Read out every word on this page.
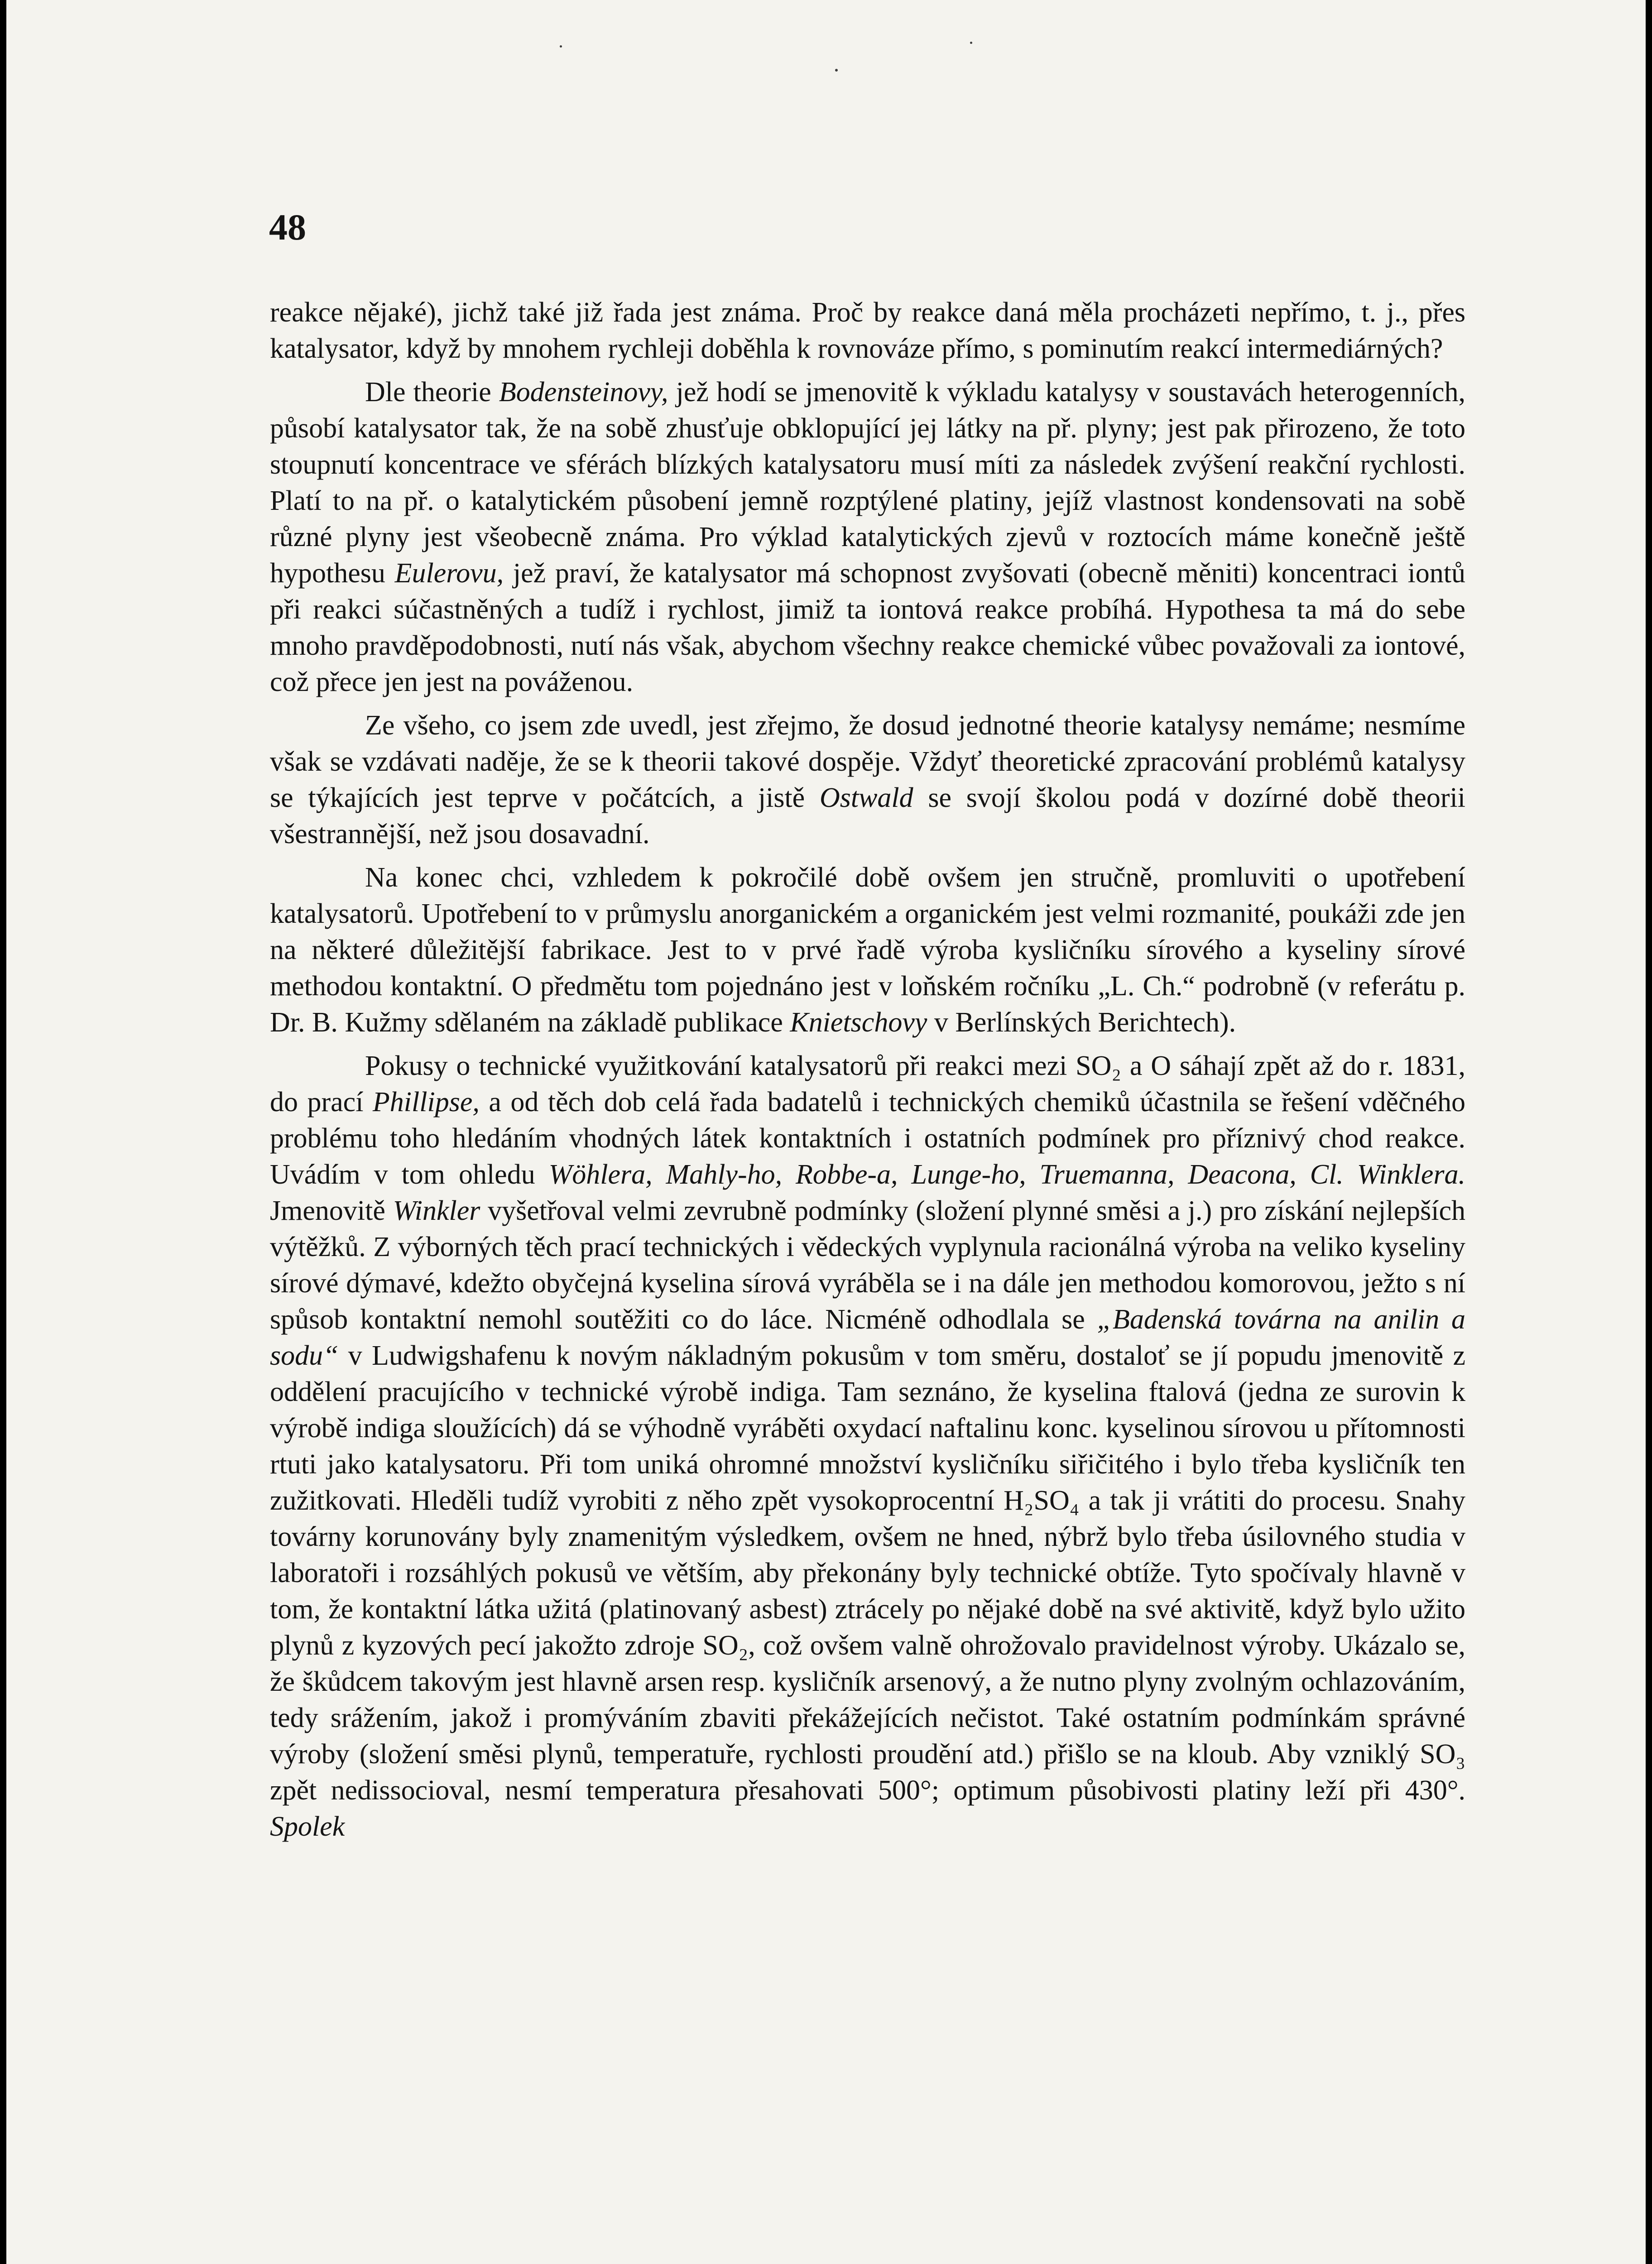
48

reakce nějaké), jichž také již řada jest známa. Proč by reakce daná měla procházeti nepřímo, t. j., přes katalysator, když by mnohem rychleji doběhla k rovnováze přímo, s pominutím reakcí intermediárných?

Dle theorie Bodensteinovy, jež hodí se jmenovitě k výkladu katalysy v soustavách heterogenních, působí katalysator tak, že na sobě zhusťuje obklopující jej látky na př. plyny; jest pak přirozeno, že toto stoupnutí koncentrace ve sférách blízkých katalysatoru musí míti za následek zvýšení reakční rychlosti. Platí to na př. o katalytickém působení jemně rozptýlené platiny, jejíž vlastnost kondensovati na sobě různé plyny jest všeobecně známa. Pro výklad katalytických zjevů v roztocích máme konečně ještě hypothesu Eulerovu, jež praví, že katalysator má schopnost zvyšovati (obecně měniti) koncentraci iontů při reakci súčastněných a tudíž i rychlost, jimiž ta iontová reakce probíhá. Hypothesa ta má do sebe mnoho pravděpodobnosti, nutí nás však, abychom všechny reakce chemické vůbec považovali za iontové, což přece jen jest na pováženou.

Ze všeho, co jsem zde uvedl, jest zřejmo, že dosud jednotné theorie katalysy nemáme; nesmíme však se vzdávati naděje, že se k theorii takové dospěje. Vždyť theoretické zpracování problémů katalysy se týkajících jest teprve v počátcích, a jistě Ostwald se svojí školou podá v dozírné době theorii všestrannější, než jsou dosavadní.

Na konec chci, vzhledem k pokročilé době ovšem jen stručně, promluviti o upotřebení katalysatorů. Upotřebení to v průmyslu anorganickém a organickém jest velmi rozmanité, poukáži zde jen na některé důležitější fabrikace. Jest to v prvé řadě výroba kysličníku sírového a kyseliny sírové methodou kontaktní. O předmětu tom pojednáno jest v loňském ročníku „L. Ch.“ podrobně (v referátu p. Dr. B. Kužmy sdělaném na základě publikace Knietschovy v Berlínských Berichtech).

Pokusy o technické využitkování katalysatorů při reakci mezi SO₂ a O sáhají zpět až do r. 1831, do prací Phillipse, a od těch dob celá řada badatelů i technických chemiků účastnila se řešení vděčného problému toho hledáním vhodných látek kontaktních i ostatních podmínek pro příznivý chod reakce. Uvádím v tom ohledu Wöhlera, Mahly-ho, Robbe-a, Lunge-ho, Truemanna, Deacona, Cl. Winklera. Jmenovitě Winkler vyšetřoval velmi zevrubně podmínky (složení plynné směsi a j.) pro získání nejlepších výtěžků. Z výborných těch prací technických i vědeckých vyplynula racionálná výroba na veliko kyseliny sírové dýmavé, kdežto obyčejná kyselina sírová vyráběla se i na dále jen methodou komorovou, ježto s ní spůsob kontaktní nemohl soutěžiti co do láce. Nicméně odhodlala se „Badenská továrna na anilin a sodu“ v Ludwigshafenu k novým nákladným pokusům v tom směru, dostaloť se jí popudu jmenovitě z oddělení pracujícího v technické výrobě indiga. Tam seznáno, že kyselina ftalová (jedna ze surovin k výrobě indiga sloužících) dá se výhodně vyráběti oxydací naftalinu konc. kyselinou sírovou u přítomnosti rtuti jako katalysatoru. Při tom uniká ohromné množství kysličníku siřičitého i bylo třeba kysličník ten zužitkovati. Hleděli tudíž vyrobiti z něho zpět vysokoprocentní H₂SO₄ a tak ji vrátiti do procesu. Snahy továrny korunovány byly znamenitým výsledkem, ovšem ne hned, nýbrž bylo třeba úsilovného studia v laboratoři i rozsáhlých pokusů ve větším, aby překonány byly technické obtíže. Tyto spočívaly hlavně v tom, že kontaktní látka užitá (platinovaný asbest) ztrácely po nějaké době na své aktivitě, když bylo užito plynů z kyzových pecí jakožto zdroje SO₂, což ovšem valně ohrožovalo pravidelnost výroby. Ukázalo se, že škůdcem takovým jest hlavně arsen resp. kysličník arsenový, a že nutno plyny zvolným ochlazováním, tedy srážením, jakož i promýváním zbaviti překážejících nečistot. Také ostatním podmínkám správné výroby (složení směsi plynů, temperatuře, rychlosti proudění atd.) přišlo se na kloub. Aby vzniklý SO₃ zpět nedissocioval, nesmí temperatura přesahovati 500°; optimum působivosti platiny leží při 430°. Spolek
